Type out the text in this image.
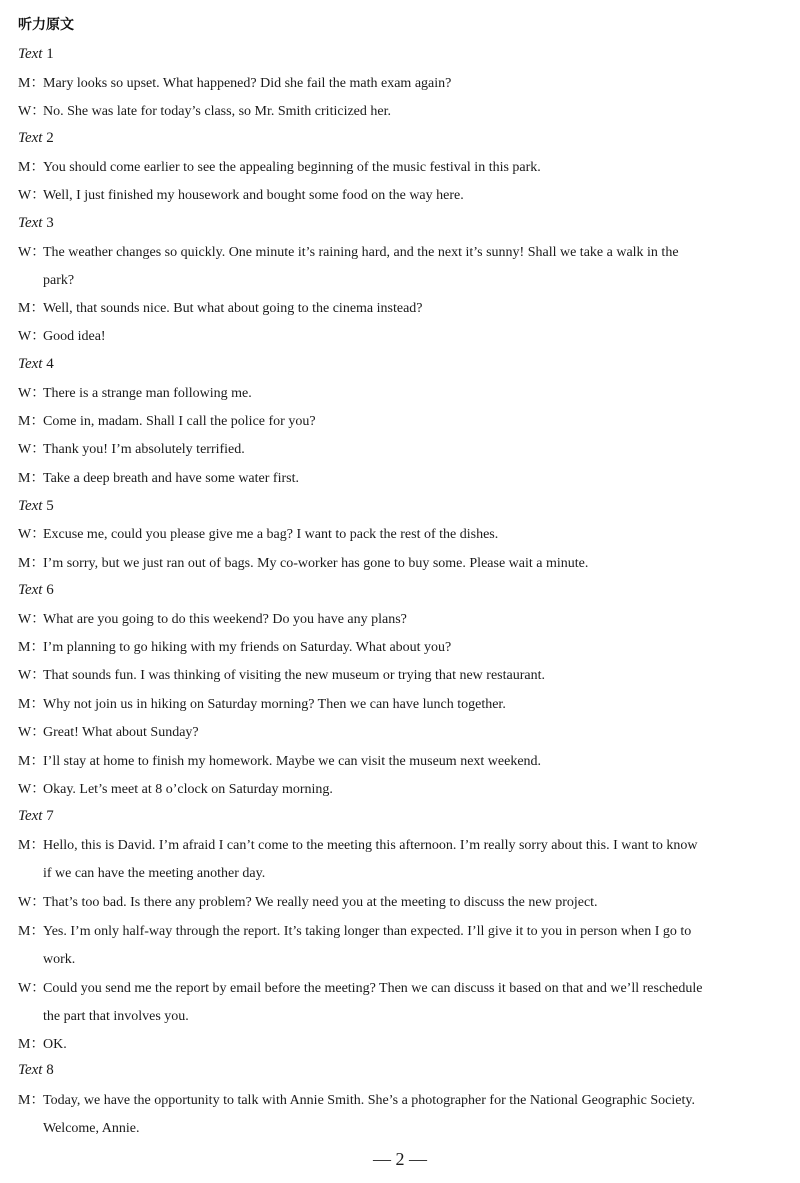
听力原文
Text 1
M：Mary looks so upset. What happened? Did she fail the math exam again?
W：No. She was late for today’s class, so Mr. Smith criticized her.
Text 2
M：You should come earlier to see the appealing beginning of the music festival in this park.
W：Well, I just finished my housework and bought some food on the way here.
Text 3
W：The weather changes so quickly. One minute it’s raining hard, and the next it’s sunny! Shall we take a walk in the
park?
M：Well, that sounds nice. But what about going to the cinema instead?
W：Good idea!
Text 4
W：There is a strange man following me.
M：Come in, madam. Shall I call the police for you?
W：Thank you! I’m absolutely terrified.
M：Take a deep breath and have some water first.
Text 5
W：Excuse me, could you please give me a bag? I want to pack the rest of the dishes.
M：I’m sorry, but we just ran out of bags. My co-worker has gone to buy some. Please wait a minute.
Text 6
W：What are you going to do this weekend? Do you have any plans?
M：I’m planning to go hiking with my friends on Saturday. What about you?
W：That sounds fun. I was thinking of visiting the new museum or trying that new restaurant.
M：Why not join us in hiking on Saturday morning? Then we can have lunch together.
W：Great! What about Sunday?
M：I’ll stay at home to finish my homework. Maybe we can visit the museum next weekend.
W：Okay. Let’s meet at 8 o’clock on Saturday morning.
Text 7
M：Hello, this is David. I’m afraid I can’t come to the meeting this afternoon. I’m really sorry about this. I want to know
if we can have the meeting another day.
W：That’s too bad. Is there any problem? We really need you at the meeting to discuss the new project.
M：Yes. I’m only half-way through the report. It’s taking longer than expected. I’ll give it to you in person when I go to
work.
W：Could you send me the report by email before the meeting? Then we can discuss it based on that and we’ll reschedule
the part that involves you.
M：OK.
Text 8
M：Today, we have the opportunity to talk with Annie Smith. She’s a photographer for the National Geographic Society.
Welcome, Annie.
— 2 —
